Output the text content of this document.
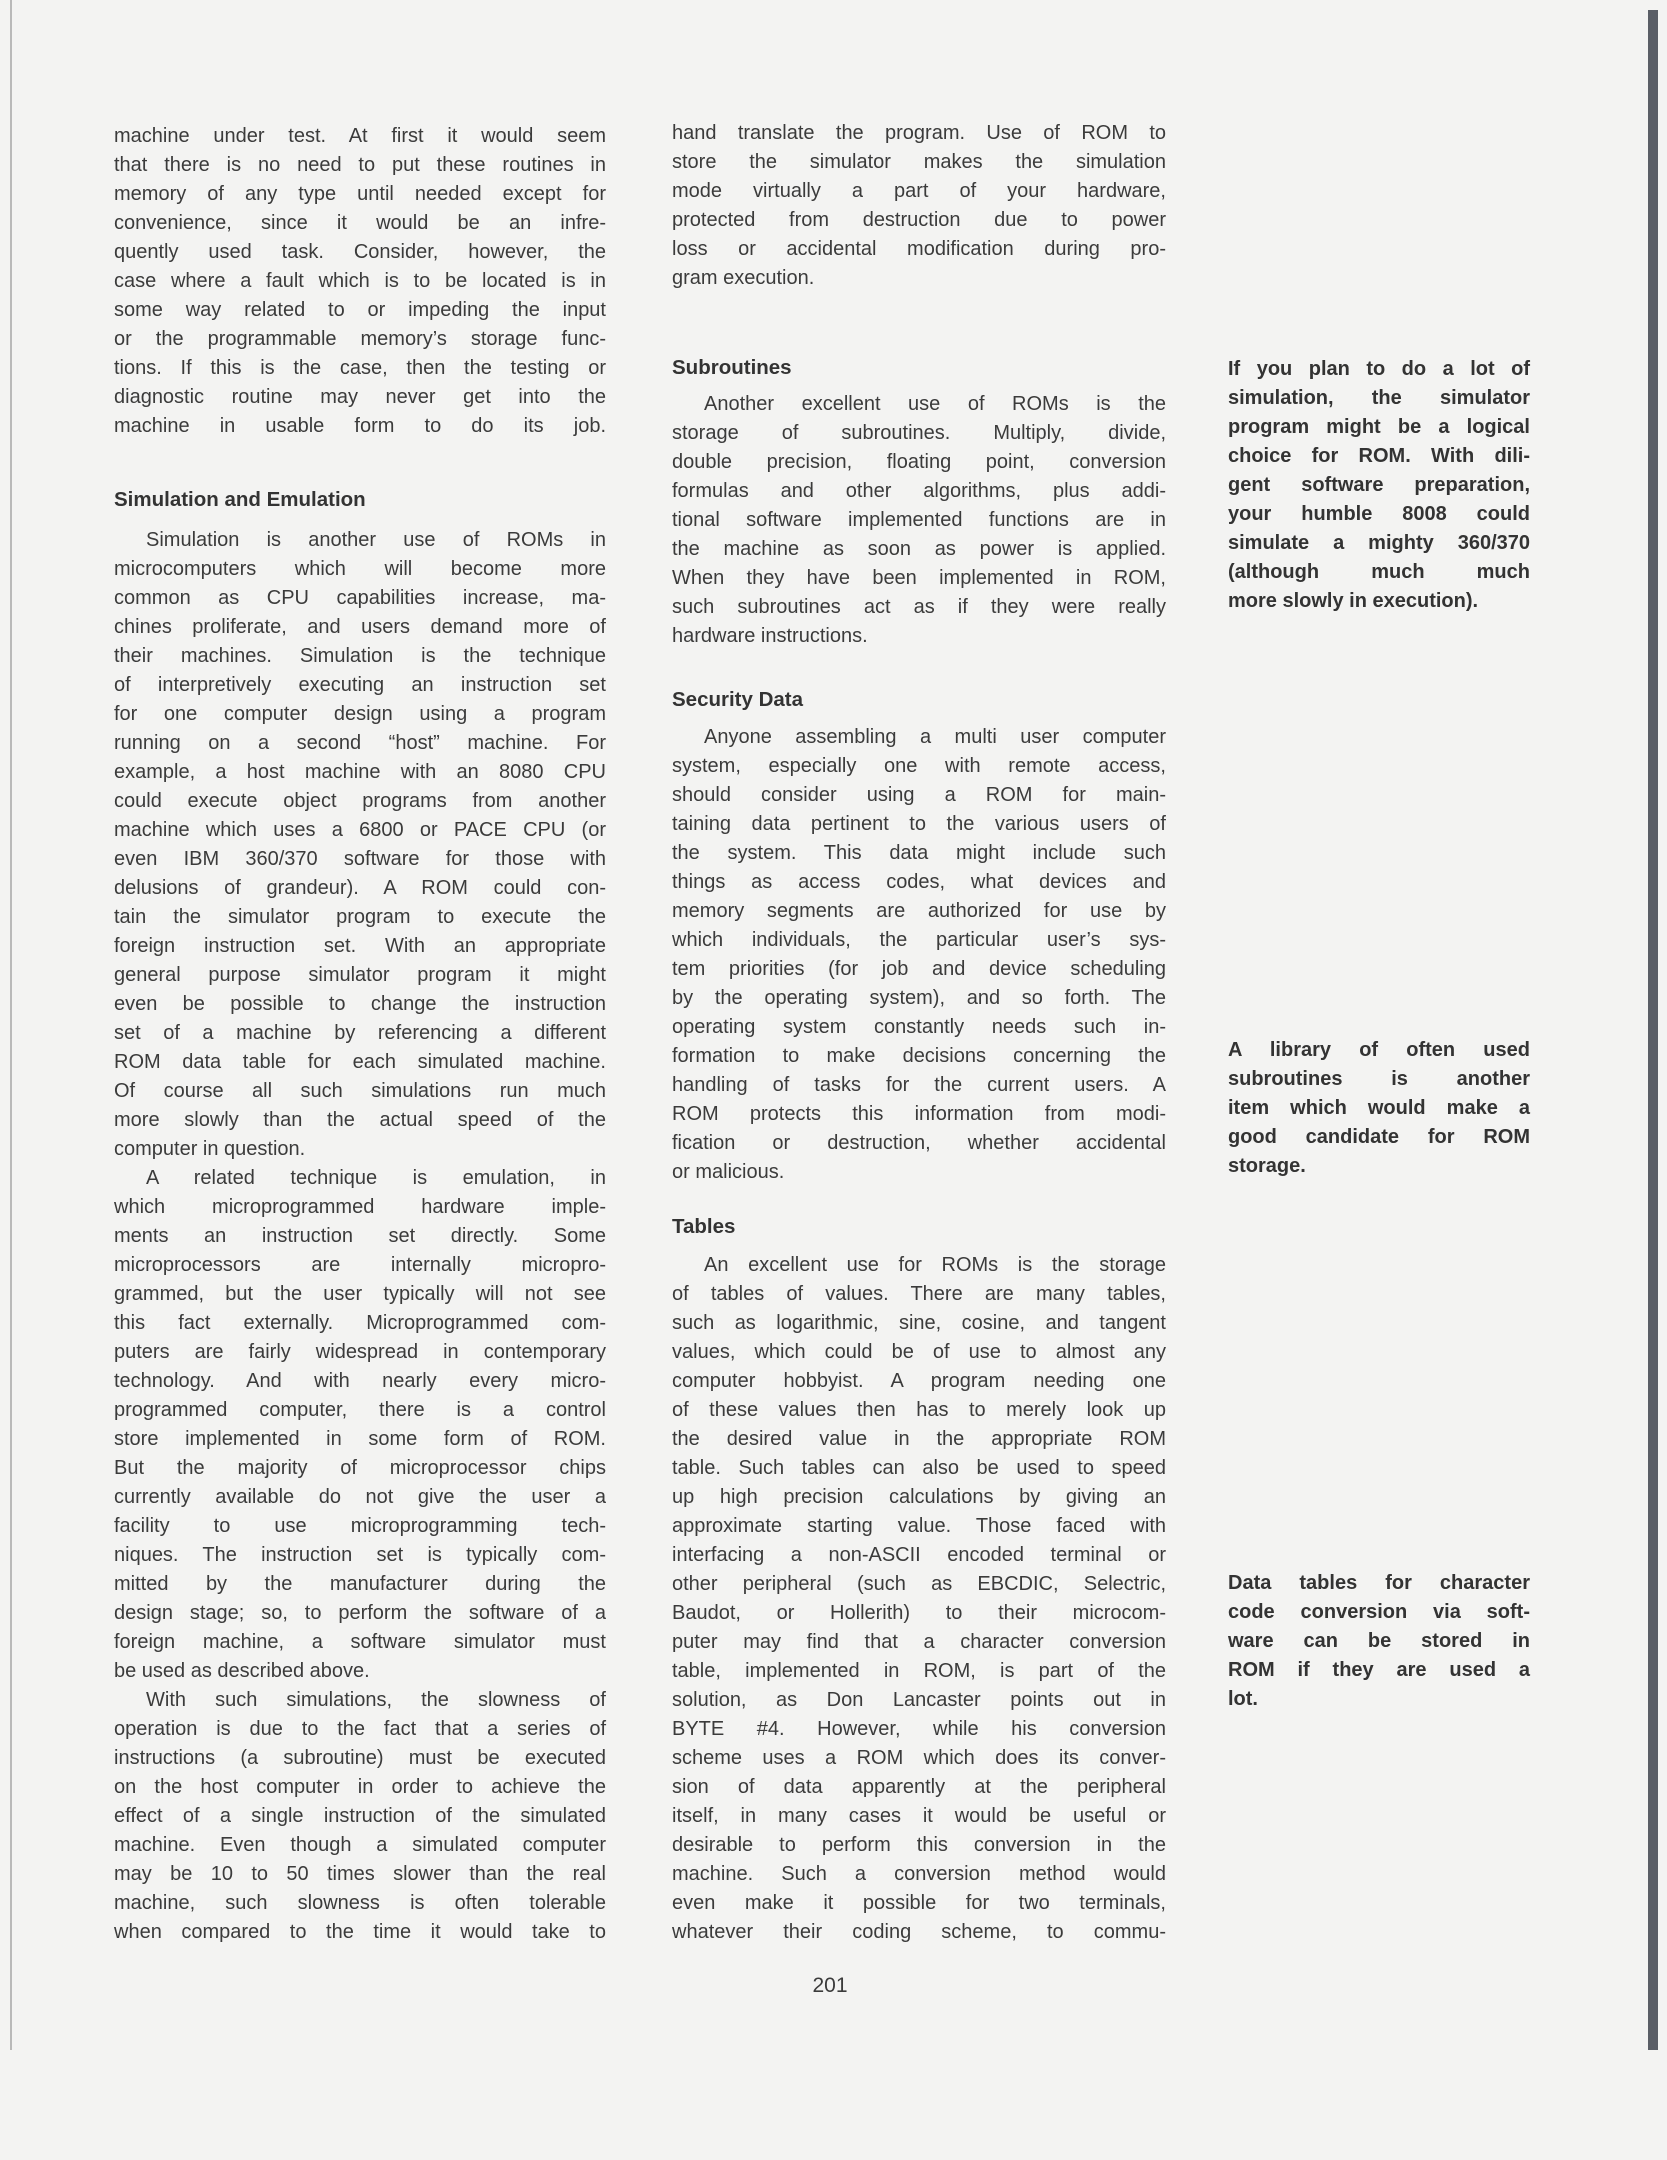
machine under test. At first it would seem
that there is no need to put these routines in
memory of any type until needed except for
convenience, since it would be an infre-
quently used task. Consider, however, the
case where a fault which is to be located is in
some way related to or impeding the input
or the programmable memory’s storage func-
tions. If this is the case, then the testing or
diagnostic routine may never get into the
machine in usable form to do its job.
Simulation and Emulation
Simulation is another use of ROMs in
microcomputers which will become more
common as CPU capabilities increase, ma-
chines proliferate, and users demand more of
their machines. Simulation is the technique
of interpretively executing an instruction set
for one computer design using a program
running on a second “host” machine. For
example, a host machine with an 8080 CPU
could execute object programs from another
machine which uses a 6800 or PACE CPU (or
even IBM 360/370 software for those with
delusions of grandeur). A ROM could con-
tain the simulator program to execute the
foreign instruction set. With an appropriate
general purpose simulator program it might
even be possible to change the instruction
set of a machine by referencing a different
ROM data table for each simulated machine.
Of course all such simulations run much
more slowly than the actual speed of the
computer in question.
A related technique is emulation, in
which microprogrammed hardware imple-
ments an instruction set directly. Some
microprocessors are internally micropro-
grammed, but the user typically will not see
this fact externally. Microprogrammed com-
puters are fairly widespread in contemporary
technology. And with nearly every micro-
programmed computer, there is a control
store implemented in some form of ROM.
But the majority of microprocessor chips
currently available do not give the user a
facility to use microprogramming tech-
niques. The instruction set is typically com-
mitted by the manufacturer during the
design stage; so, to perform the software of a
foreign machine, a software simulator must
be used as described above.
With such simulations, the slowness of
operation is due to the fact that a series of
instructions (a subroutine) must be executed
on the host computer in order to achieve the
effect of a single instruction of the simulated
machine. Even though a simulated computer
may be 10 to 50 times slower than the real
machine, such slowness is often tolerable
when compared to the time it would take to
hand translate the program. Use of ROM to
store the simulator makes the simulation
mode virtually a part of your hardware,
protected from destruction due to power
loss or accidental modification during pro-
gram execution.
Subroutines
Another excellent use of ROMs is the
storage of subroutines. Multiply, divide,
double precision, floating point, conversion
formulas and other algorithms, plus addi-
tional software implemented functions are in
the machine as soon as power is applied.
When they have been implemented in ROM,
such subroutines act as if they were really
hardware instructions.
Security Data
Anyone assembling a multi user computer
system, especially one with remote access,
should consider using a ROM for main-
taining data pertinent to the various users of
the system. This data might include such
things as access codes, what devices and
memory segments are authorized for use by
which individuals, the particular user’s sys-
tem priorities (for job and device scheduling
by the operating system), and so forth. The
operating system constantly needs such in-
formation to make decisions concerning the
handling of tasks for the current users. A
ROM protects this information from modi-
fication or destruction, whether accidental
or malicious.
Tables
An excellent use for ROMs is the storage
of tables of values. There are many tables,
such as logarithmic, sine, cosine, and tangent
values, which could be of use to almost any
computer hobbyist. A program needing one
of these values then has to merely look up
the desired value in the appropriate ROM
table. Such tables can also be used to speed
up high precision calculations by giving an
approximate starting value. Those faced with
interfacing a non-ASCII encoded terminal or
other peripheral (such as EBCDIC, Selectric,
Baudot, or Hollerith) to their microcom-
puter may find that a character conversion
table, implemented in ROM, is part of the
solution, as Don Lancaster points out in
BYTE #4. However, while his conversion
scheme uses a ROM which does its conver-
sion of data apparently at the peripheral
itself, in many cases it would be useful or
desirable to perform this conversion in the
machine. Such a conversion method would
even make it possible for two terminals,
whatever their coding scheme, to commu-
If you plan to do a lot of
simulation, the simulator
program might be a logical
choice for ROM. With dili-
gent software preparation,
your humble 8008 could
simulate a mighty 360/370
(although much much
more slowly in execution).
A library of often used
subroutines is another
item which would make a
good candidate for ROM
storage.
Data tables for character
code conversion via soft-
ware can be stored in
ROM if they are used a
lot.
201
